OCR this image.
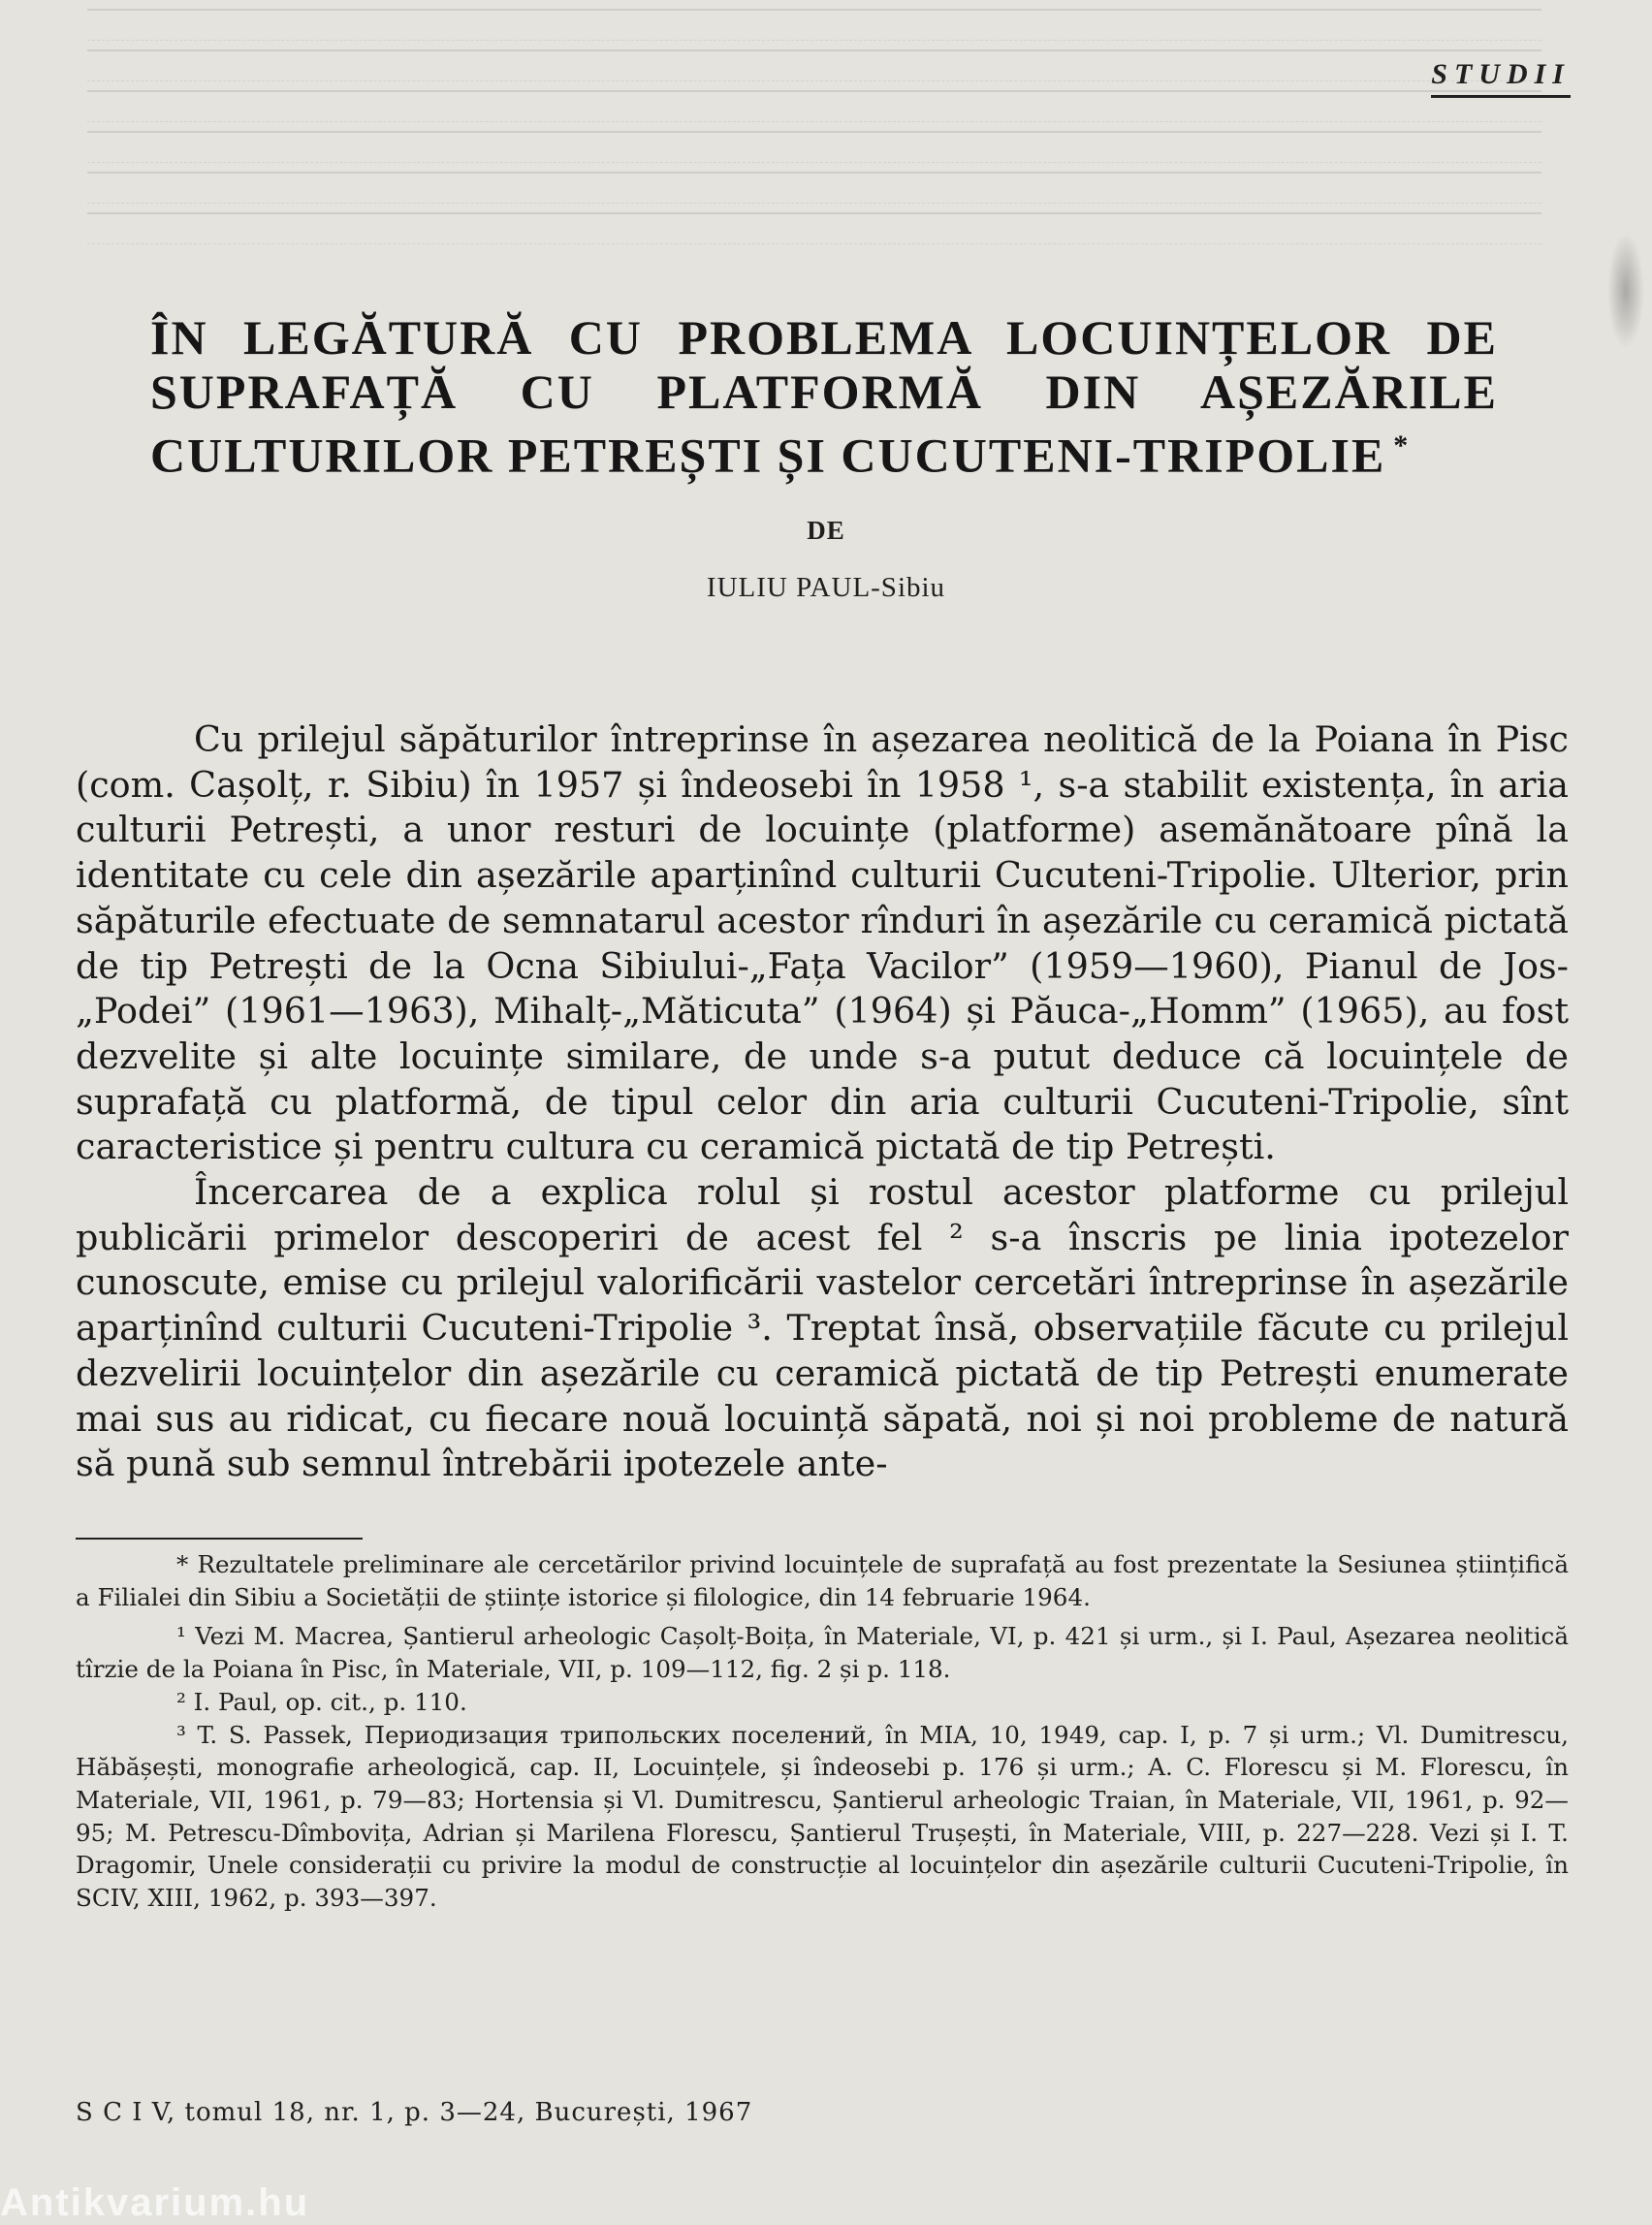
STUDII
ÎN LEGĂTURĂ CU PROBLEMA LOCUINȚELOR DE
SUPRAFAȚĂ CU PLATFORMĂ DIN AȘEZĂRILE
CULTURILOR PETREȘTI ȘI CUCUTENI-TRIPOLIE *
DE
IULIU PAUL-Sibiu

Cu prilejul săpăturilor întreprinse în așezarea neolitică de la Poiana în Pisc (com. Cașolț, r. Sibiu) în 1957 și îndeosebi în 1958 ¹, s-a stabilit existența, în aria culturii Petrești, a unor resturi de locuințe (platforme) asemănătoare pînă la identitate cu cele din așezările aparținînd culturii Cucuteni-Tripolie. Ulterior, prin săpăturile efectuate de semnatarul acestor rînduri în așezările cu ceramică pictată de tip Petrești de la Ocna Sibiului-„Fața Vacilor” (1959—1960), Pianul de Jos-„Podei” (1961—1963), Mihalț-„Măticuta” (1964) și Păuca-„Homm” (1965), au fost dezvelite și alte locuințe similare, de unde s-a putut deduce că locuințele de suprafață cu platformă, de tipul celor din aria culturii Cucuteni-Tripolie, sînt caracteristice și pentru cultura cu ceramică pictată de tip Petrești.

Încercarea de a explica rolul și rostul acestor platforme cu prilejul publicării primelor descoperiri de acest fel ² s-a înscris pe linia ipotezelor cunoscute, emise cu prilejul valorificării vastelor cercetări întreprinse în așezările aparținînd culturii Cucuteni-Tripolie ³. Treptat însă, observațiile făcute cu prilejul dezvelirii locuințelor din așezările cu ceramică pictată de tip Petrești enumerate mai sus au ridicat, cu fiecare nouă locuință săpată, noi și noi probleme de natură să pună sub semnul întrebării ipotezele ante-

* Rezultatele preliminare ale cercetărilor privind locuințele de suprafață au fost prezentate la Sesiunea științifică a Filialei din Sibiu a Societății de științe istorice și filologice, din 14 februarie 1964.

¹ Vezi M. Macrea, Șantierul arheologic Cașolț-Boița, în Materiale, VI, p. 421 și urm., și I. Paul, Așezarea neolitică tîrzie de la Poiana în Pisc, în Materiale, VII, p. 109—112, fig. 2 și p. 118.

² I. Paul, op. cit., p. 110.

³ T. S. Passek, Периодизация трипольских поселений, în MIA, 10, 1949, cap. I, p. 7 și urm.; Vl. Dumitrescu, Hăbășești, monografie arheologică, cap. II, Locuințele, și îndeosebi p. 176 și urm.; A. C. Florescu și M. Florescu, în Materiale, VII, 1961, p. 79—83; Hortensia și Vl. Dumitrescu, Șantierul arheologic Traian, în Materiale, VII, 1961, p. 92—95; M. Petrescu-Dîmbovița, Adrian și Marilena Florescu, Șantierul Trușești, în Materiale, VIII, p. 227—228. Vezi și I. T. Dragomir, Unele considerații cu privire la modul de construcție al locuințelor din așezările culturii Cucuteni-Tripolie, în SCIV, XIII, 1962, p. 393—397.

S C I V, tomul 18, nr. 1, p. 3—24, București, 1967
Antikvarium.hu
